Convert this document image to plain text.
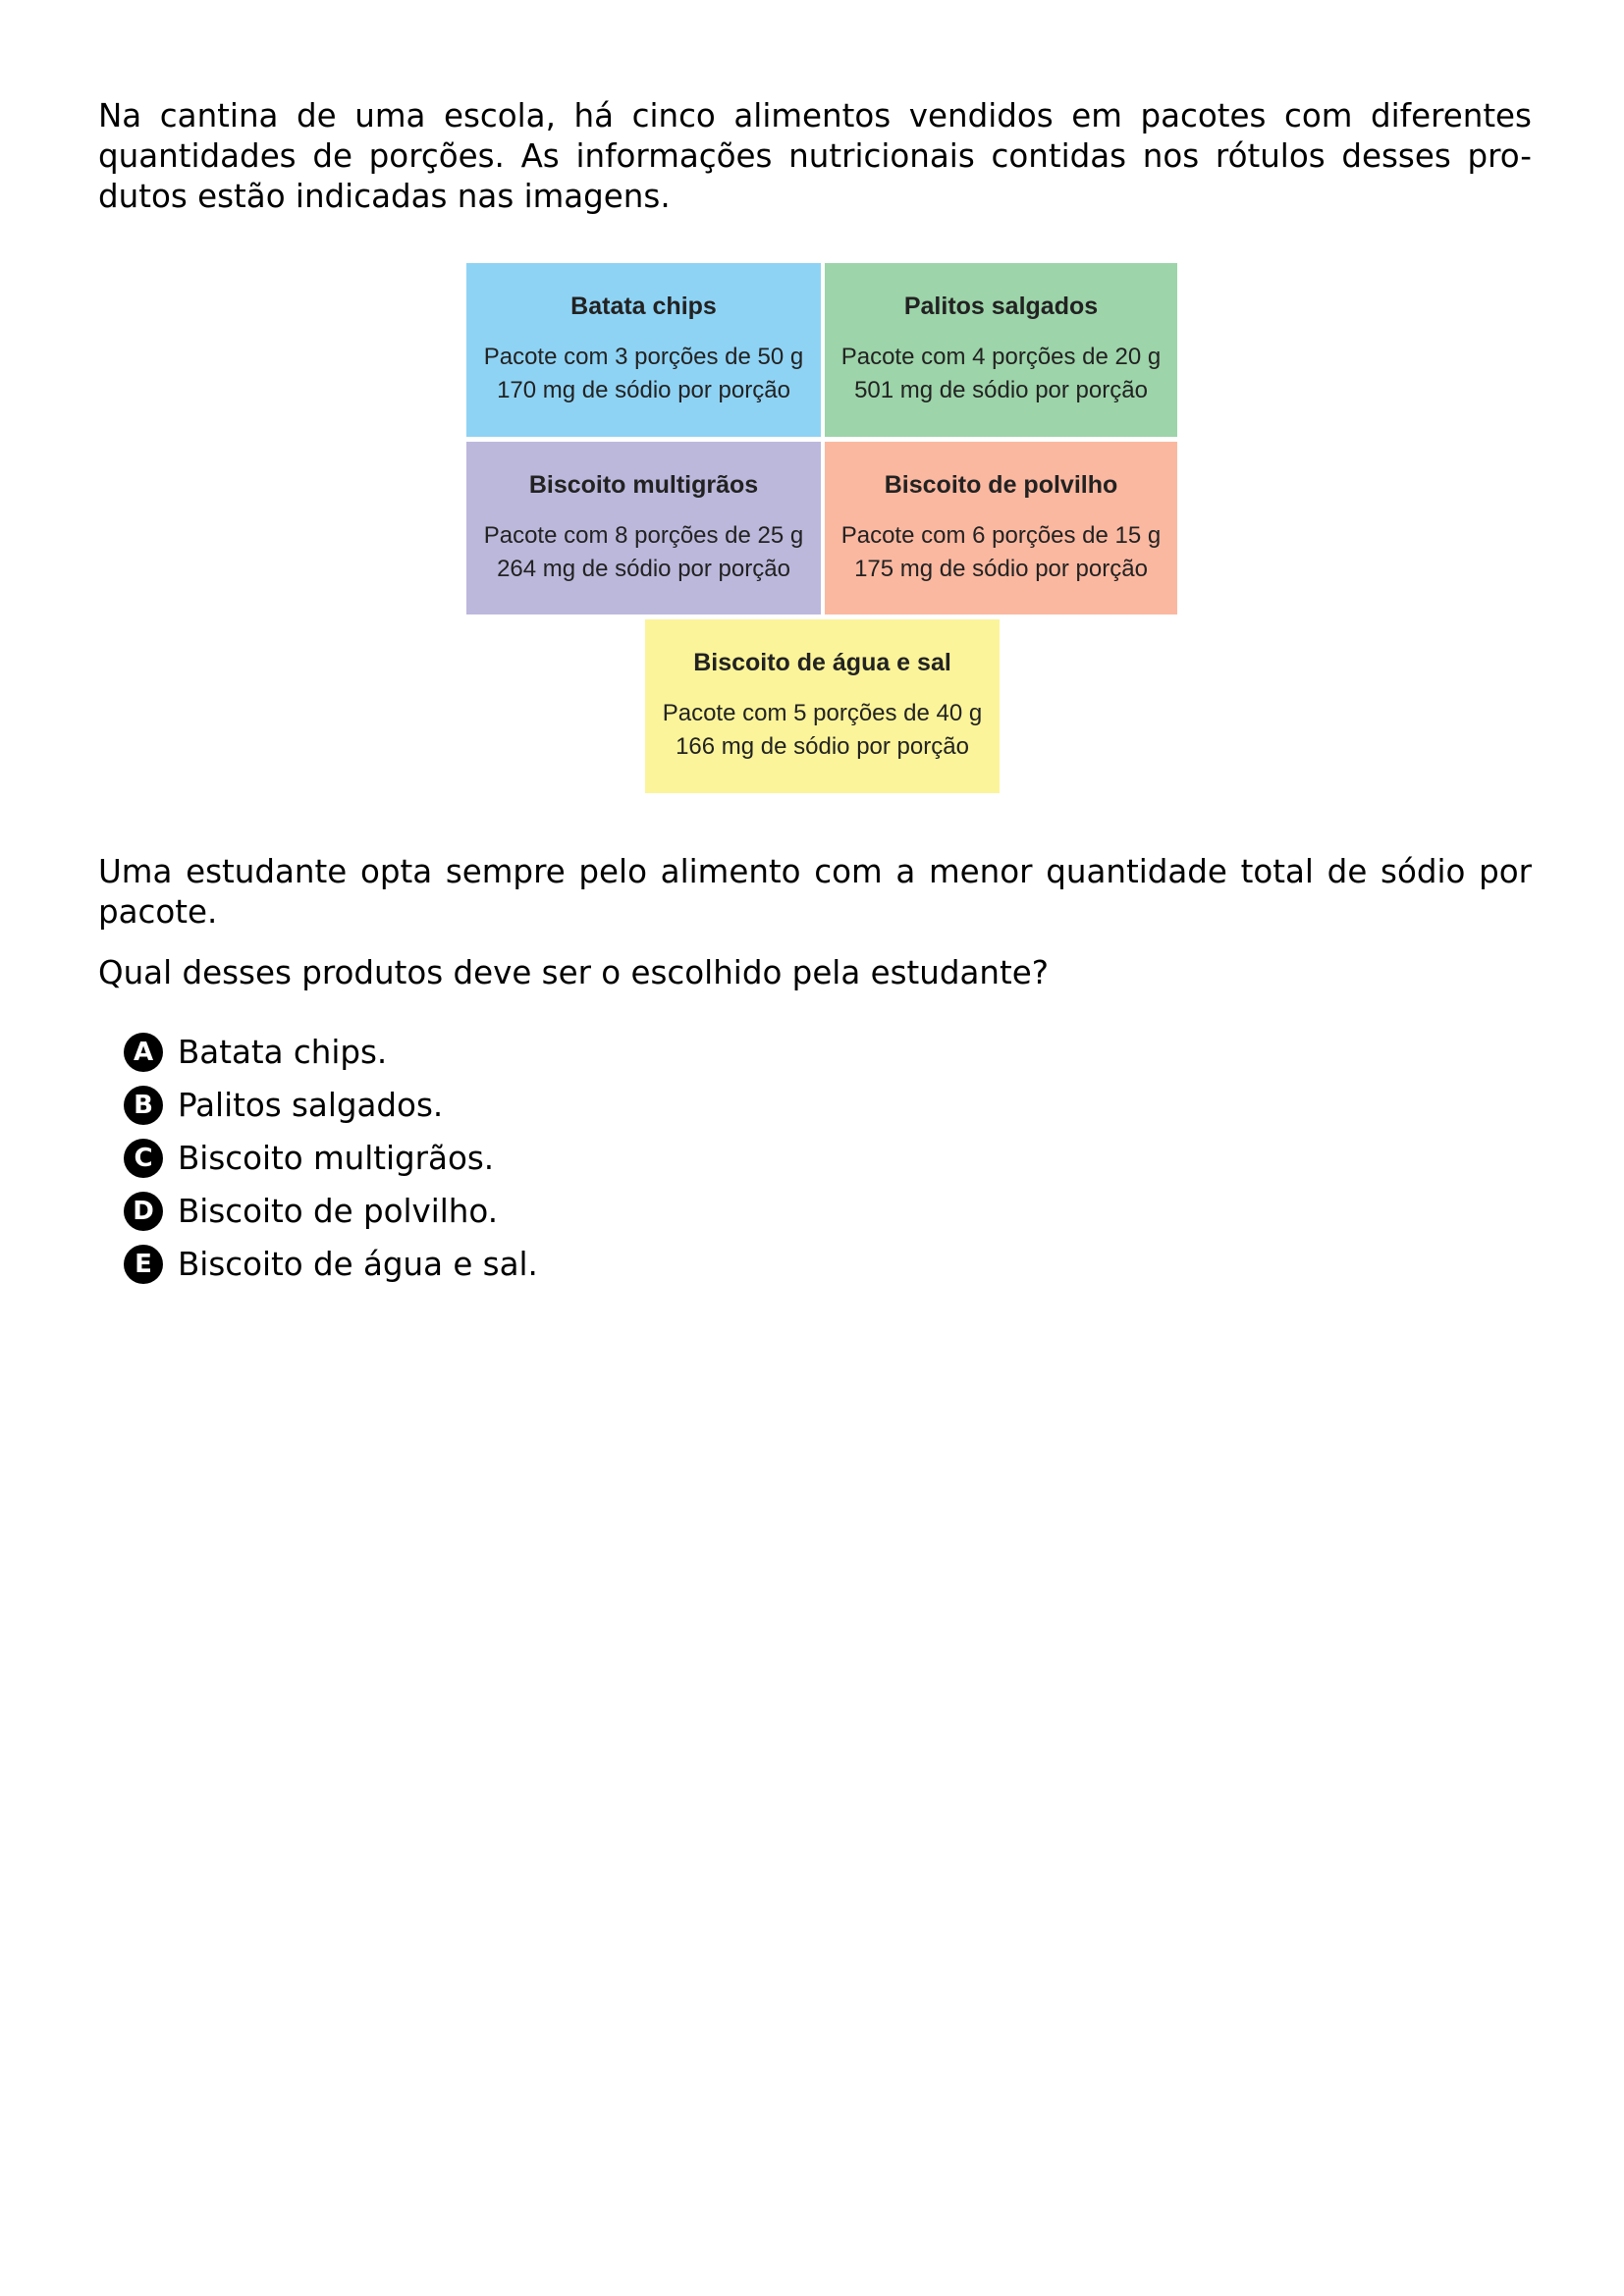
Na cantina de uma escola, há cinco alimentos vendidos em pacotes com diferentes quantidades de porções. As informações nutricionais contidas nos rótulos desses pro-dutos estão indicadas nas imagens.

Batata chips
Pacote com 3 porções de 50 g
170 mg de sódio por porção
Palitos salgados
Pacote com 4 porções de 20 g
501 mg de sódio por porção
Biscoito multigrãos
Pacote com 8 porções de 25 g
264 mg de sódio por porção
Biscoito de polvilho
Pacote com 6 porções de 15 g
175 mg de sódio por porção
Biscoito de água e sal
Pacote com 5 porções de 40 g
166 mg de sódio por porção

Uma estudante opta sempre pelo alimento com a menor quantidade total de sódio por pacote.

Qual desses produtos deve ser o escolhido pela estudante?

A Batata chips.
B Palitos salgados.
C Biscoito multigrãos.
D Biscoito de polvilho.
E Biscoito de água e sal.
